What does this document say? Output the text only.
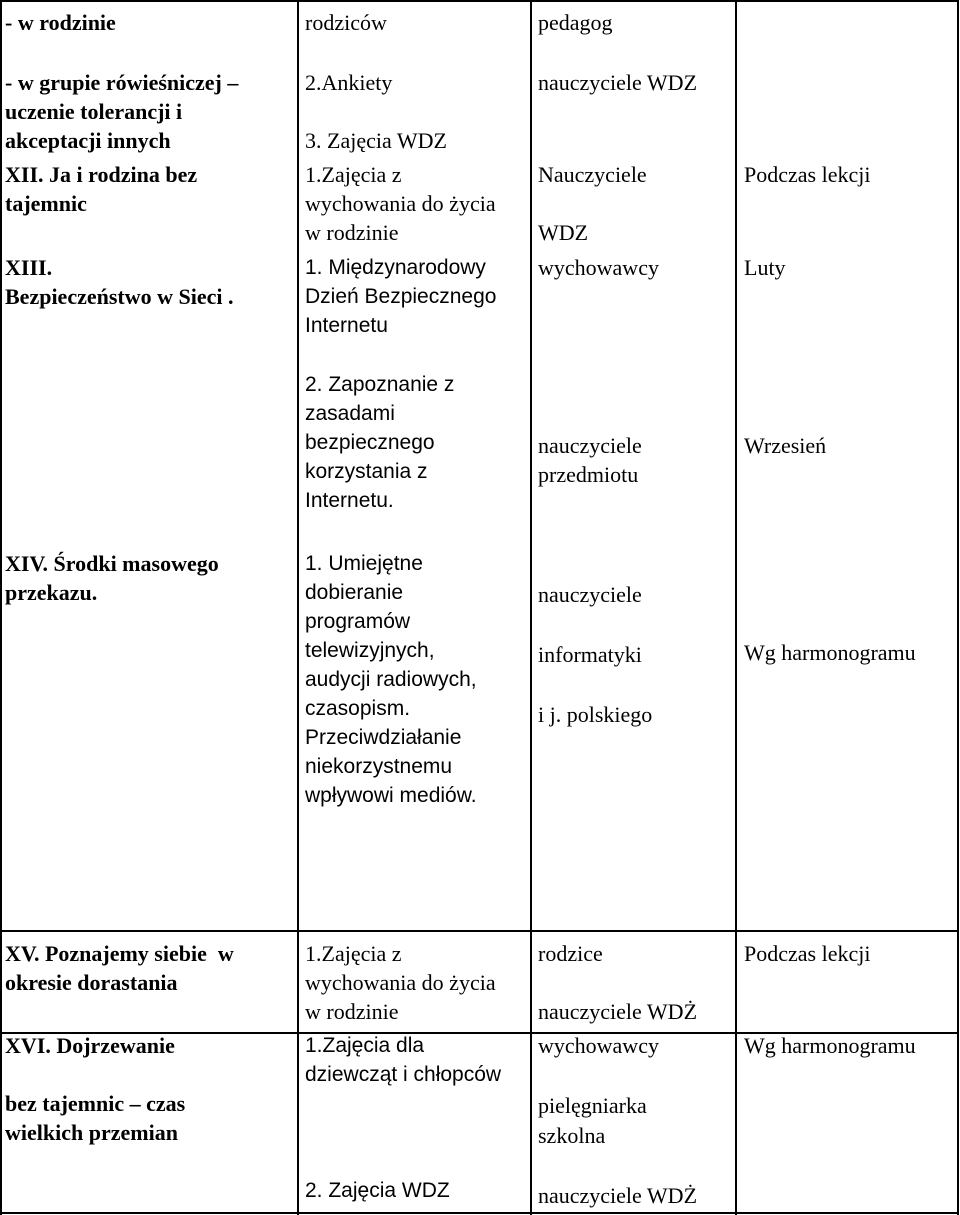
- w rodzinie
- w grupie rówieśniczej –
uczenie tolerancji i
akceptacji innych
XII. Ja i rodzina bez
tajemnic
XIII.
Bezpieczeństwo w Sieci .
XIV. Środki masowego
przekazu.
XV. Poznajemy siebie  w
okresie dorastania
XVI. Dojrzewanie

bez tajemnic – czas
wielkich przemian
rodziców
2.Ankiety

3. Zajęcia WDZ
1.Zajęcia z
wychowania do życia
w rodzinie
1. Międzynarodowy
Dzień Bezpiecznego
Internetu
2. Zapoznanie z
zasadami
bezpiecznego
korzystania z
Internetu.
1. Umiejętne
dobieranie
programów
telewizyjnych,
audycji radiowych,
czasopism.
Przeciwdziałanie
niekorzystnemu
wpływowi mediów.
1.Zajęcia z
wychowania do życia
w rodzinie
1.Zajęcia dla
dziewcząt i chłopców

2. Zajęcia WDZ
pedagog
nauczyciele WDZ
Nauczyciele

WDZ
wychowawcy
nauczyciele
przedmiotu
nauczyciele

informatyki

i j. polskiego
rodzice

nauczyciele WDŻ
wychowawcy

pielęgniarka
szkolna

nauczyciele WDŻ
Podczas lekcji
Luty
Wrzesień
Wg harmonogramu
Podczas lekcji
Wg harmonogramu
